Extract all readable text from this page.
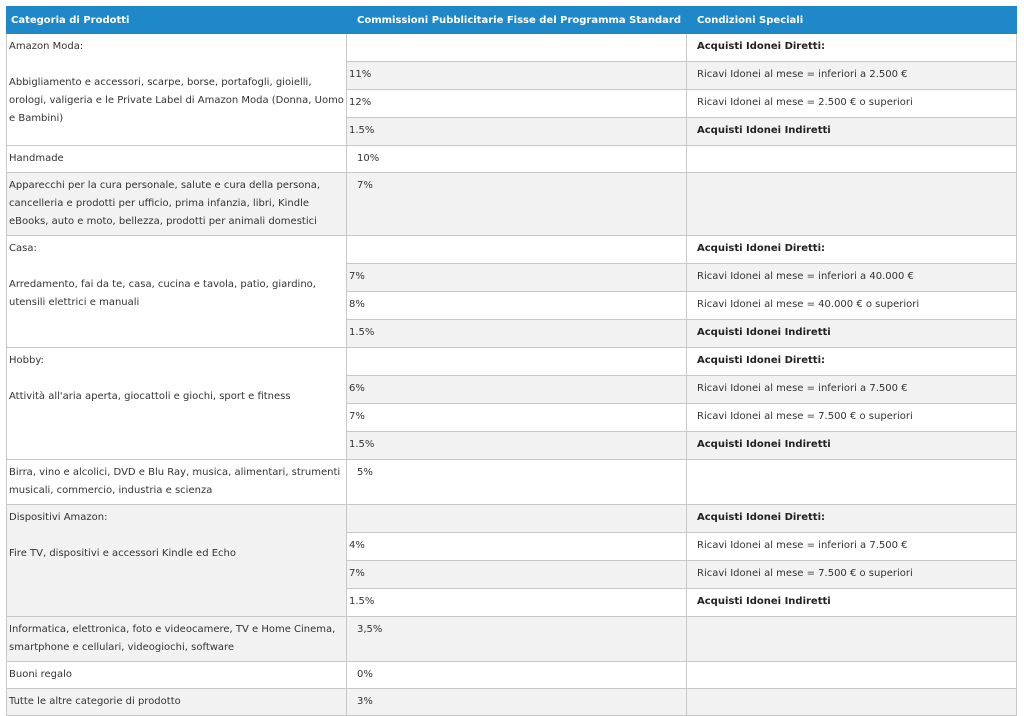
Categoria di Prodotti	Commissioni Pubblicitarie Fisse del Programma Standard	Condizioni Speciali
Amazon Moda:

Abbigliamento e accessori, scarpe, borse, portafogli, gioielli, orologi, valigeria e le Private Label di Amazon Moda (Donna, Uomo e Bambini)		Acquisti Idonei Diretti:
	11%	Ricavi Idonei al mese = inferiori a 2.500 €
	12%	Ricavi Idonei al mese = 2.500 € o superiori
	1.5%	Acquisti Idonei Indiretti
Handmade	10%	
Apparecchi per la cura personale, salute e cura della persona, cancelleria e prodotti per ufficio, prima infanzia, libri, Kindle eBooks, auto e moto, bellezza, prodotti per animali domestici	7%	
Casa:

Arredamento, fai da te, casa, cucina e tavola, patio, giardino, utensili elettrici e manuali		Acquisti Idonei Diretti:
	7%	Ricavi Idonei al mese = inferiori a 40.000 €
	8%	Ricavi Idonei al mese = 40.000 € o superiori
	1.5%	Acquisti Idonei Indiretti
Hobby:

Attività all'aria aperta, giocattoli e giochi, sport e fitness		Acquisti Idonei Diretti:
	6%	Ricavi Idonei al mese = inferiori a 7.500 €
	7%	Ricavi Idonei al mese = 7.500 € o superiori
	1.5%	Acquisti Idonei Indiretti
Birra, vino e alcolici, DVD e Blu Ray, musica, alimentari, strumenti musicali, commercio, industria e scienza	5%	
Dispositivi Amazon:

Fire TV, dispositivi e accessori Kindle ed Echo		Acquisti Idonei Diretti:
	4%	Ricavi Idonei al mese = inferiori a 7.500 €
	7%	Ricavi Idonei al mese = 7.500 € o superiori
	1.5%	Acquisti Idonei Indiretti
Informatica, elettronica, foto e videocamere, TV e Home Cinema, smartphone e cellulari, videogiochi, software	3,5%	
Buoni regalo	0%	
Tutte le altre categorie di prodotto	3%	
